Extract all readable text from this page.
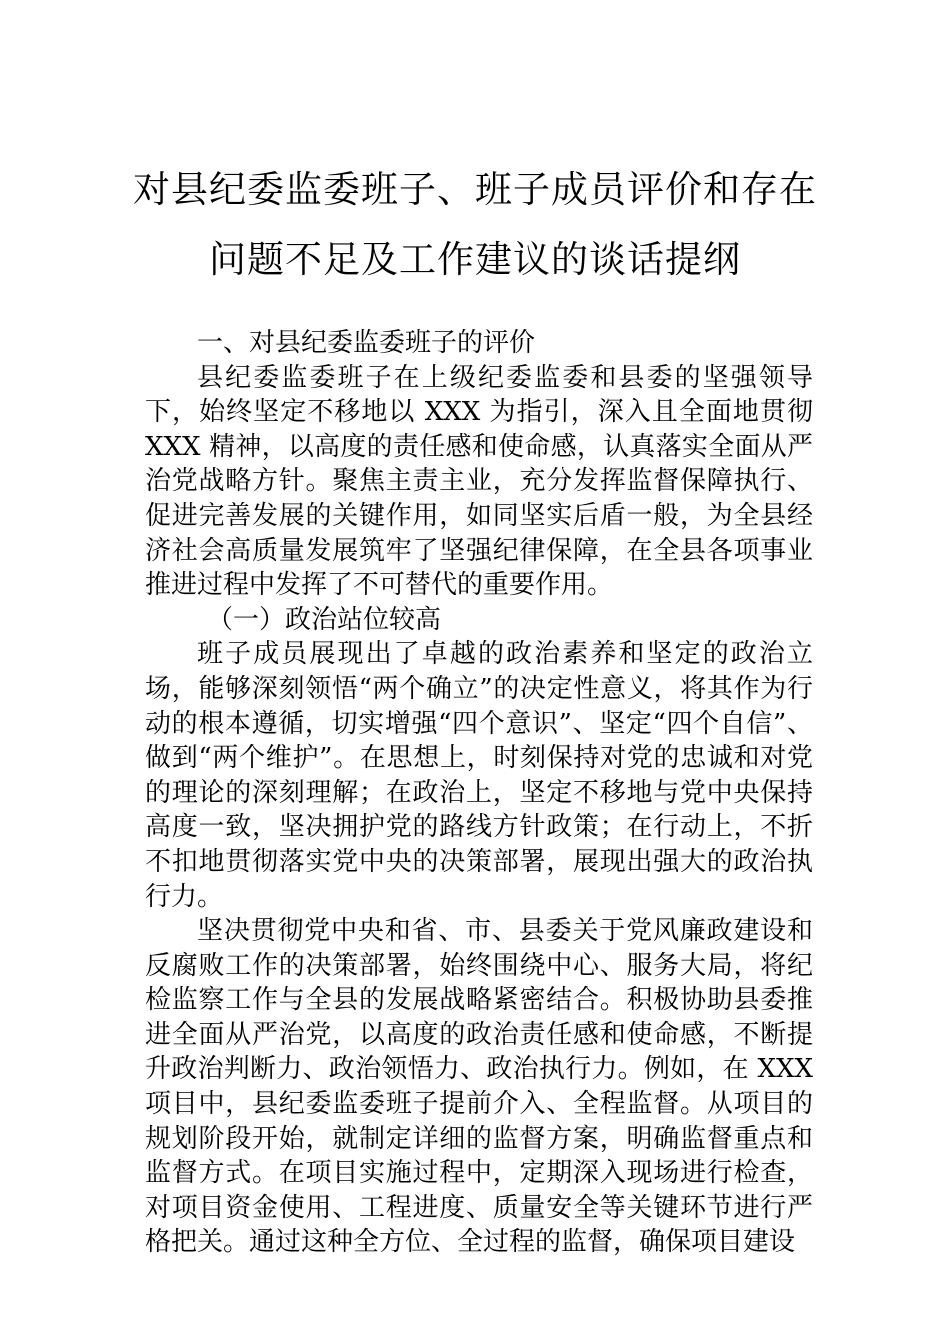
对县纪委监委班子、班子成员评价和存在
问题不足及工作建议的谈话提纲

一、对县纪委监委班子的评价

县纪委监委班子在上级纪委监委和县委的坚强领导下，始终坚定不移地以 XXX 为指引，深入且全面地贯彻 XXX 精神，以高度的责任感和使命感，认真落实全面从严治党战略方针。聚焦主责主业，充分发挥监督保障执行、促进完善发展的关键作用，如同坚实后盾一般，为全县经济社会高质量发展筑牢了坚强纪律保障，在全县各项事业推进过程中发挥了不可替代的重要作用。

（一）政治站位较高

班子成员展现出了卓越的政治素养和坚定的政治立场，能够深刻领悟“两个确立”的决定性意义，将其作为行动的根本遵循，切实增强“四个意识”、坚定“四个自信”、做到“两个维护”。在思想上，时刻保持对党的忠诚和对党的理论的深刻理解；在政治上，坚定不移地与党中央保持高度一致，坚决拥护党的路线方针政策；在行动上，不折不扣地贯彻落实党中央的决策部署，展现出强大的政治执行力。

坚决贯彻党中央和省、市、县委关于党风廉政建设和反腐败工作的决策部署，始终围绕中心、服务大局，将纪检监察工作与全县的发展战略紧密结合。积极协助县委推进全面从严治党，以高度的政治责任感和使命感，不断提升政治判断力、政治领悟力、政治执行力。例如，在 XXX 项目中，县纪委监委班子提前介入、全程监督。从项目的规划阶段开始，就制定详细的监督方案，明确监督重点和监督方式。在项目实施过程中，定期深入现场进行检查，对项目资金使用、工程进度、质量安全等关键环节进行严格把关。通过这种全方位、全过程的监督，确保项目建设
